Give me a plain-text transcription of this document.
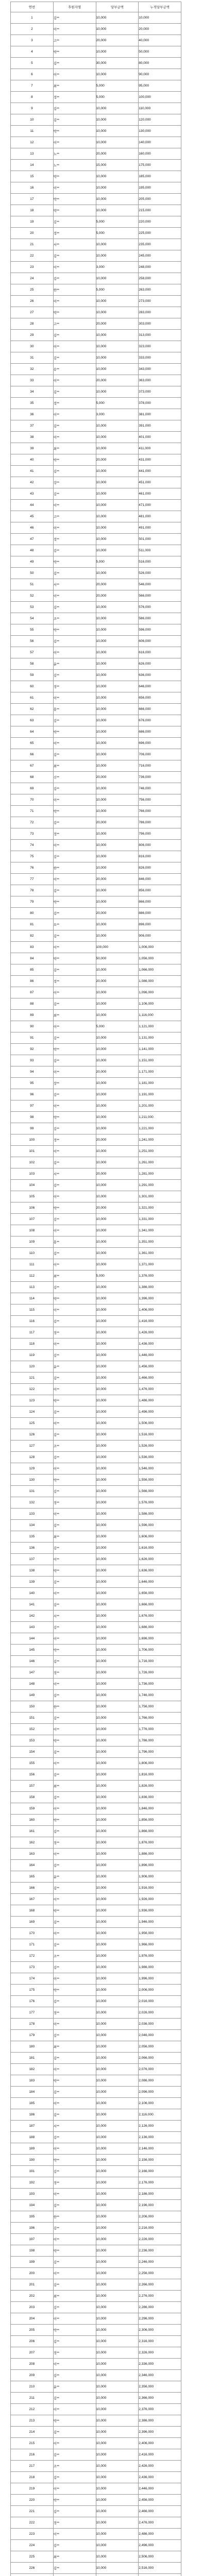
연번	후원자명	당부금액	누적당부금액
1	김**	10,000	10,000
2	이**	10,000	20,000
3	고**	20,000	40,000
4	박**	10,000	50,000
5	김**	30,000	80,000
6	이**	10,000	90,000
7	최**	5,000	95,000
8	정**	5,000	100,000
9	김**	10,000	110,000
10	김**	10,000	120,000
11	박**	10,000	130,000
12	이**	10,000	140,000
13	노**	20,000	160,000
14	노**	15,000	175,000
15	박**	10,000	185,000
16	이**	10,000	195,000
17	박**	10,000	205,000
18	박**	10,000	215,000
19	김**	5,000	220,000
20	정**	5,000	225,000
21	서**	10,000	235,000
22	김**	10,000	245,000
23	이**	3,000	248,000
24	김**	10,000	258,000
25	한**	5,000	263,000
26	이**	10,000	273,000
27	박**	10,000	283,000
28	고**	20,000	303,000
29	김**	10,000	313,000
30	이**	10,000	323,000
31	김**	10,000	333,000
32	송**	10,000	343,000
33	이**	20,000	363,000
34	김**	10,000	373,000
35	정**	5,000	378,000
36	이**	3,000	381,000
37	김**	10,000	391,000
38	이**	10,000	401,000
39	최**	10,000	411,000
40	박**	20,000	431,000
41	김**	10,000	441,000
42	강**	10,000	451,000
43	김**	10,000	461,000
44	이**	10,000	471,000
45	고**	10,000	481,000
46	이**	10,000	491,000
47	정**	10,000	501,000
48	김**	10,000	511,000
49	박**	5,000	516,000
50	김**	10,000	526,000
51	서**	20,000	546,000
52	이**	20,000	566,000
53	김**	10,000	576,000
54	조**	10,000	586,000
55	박**	10,000	596,000
56	김**	10,000	606,000
57	이**	10,000	616,000
58	윤**	10,000	626,000
59	김**	10,000	636,000
60	정**	10,000	646,000
61	이**	10,000	656,000
62	홍**	10,000	666,000
63	김**	10,000	676,000
64	박**	10,000	686,000
65	이**	10,000	696,000
66	김**	10,000	706,000
67	최**	10,000	716,000
68	신**	20,000	736,000
69	김**	10,000	746,000
70	이**	10,000	756,000
71	박**	10,000	766,000
72	김**	20,000	786,000
73	정**	10,000	796,000
74	이**	10,000	806,000
75	김**	10,000	816,000
76	한**	10,000	826,000
77	이**	20,000	846,000
78	김**	10,000	856,000
79	박**	10,000	866,000
80	김**	20,000	886,000
81	오**	10,000	896,000
82	김**	10,000	906,000
83	이**	100,000	1,006,000
84	박**	50,000	1,056,000
85	김**	10,000	1,066,000
86	정**	20,000	1,086,000
87	이**	10,000	1,096,000
88	김**	10,000	1,106,000
89	최**	10,000	1,116,000
90	이**	5,000	1,121,000
91	김**	10,000	1,131,000
92	박**	10,000	1,141,000
93	김**	10,000	1,151,000
94	이**	20,000	1,171,000
95	장**	10,000	1,181,000
96	김**	10,000	1,191,000
97	이**	10,000	1,201,000
98	박**	10,000	1,211,000
99	김**	10,000	1,221,000
100	정**	20,000	1,241,000
101	이**	10,000	1,251,000
102	김**	10,000	1,261,000
103	서**	20,000	1,281,000
104	김**	10,000	1,291,000
105	이**	10,000	1,301,000
106	박**	20,000	1,321,000
107	김**	10,000	1,331,000
108	이**	10,000	1,341,000
109	홍**	10,000	1,351,000
110	김**	10,000	1,361,000
111	이**	10,000	1,371,000
112	최**	5,000	1,376,000
113	김**	10,000	1,386,000
114	박**	10,000	1,396,000
115	이**	10,000	1,406,000
116	김**	10,000	1,416,000
117	정**	10,000	1,426,000
118	이**	10,000	1,436,000
119	김**	10,000	1,446,000
120	윤**	10,000	1,456,000
121	김**	10,000	1,466,000
122	이**	10,000	1,476,000
123	박**	10,000	1,486,000
124	김**	10,000	1,496,000
125	이**	10,000	1,506,000
126	김**	10,000	1,516,000
127	조**	10,000	1,526,000
128	김**	10,000	1,536,000
129	이**	10,000	1,546,000
130	박**	10,000	1,556,000
131	김**	10,000	1,566,000
132	정**	10,000	1,576,000
133	이**	10,000	1,586,000
134	김**	10,000	1,596,000
135	최**	10,000	1,606,000
136	김**	10,000	1,616,000
137	이**	10,000	1,626,000
138	박**	10,000	1,636,000
139	김**	10,000	1,646,000
140	이**	10,000	1,656,000
141	김**	10,000	1,666,000
142	서**	10,000	1,676,000
143	김**	10,000	1,686,000
144	이**	10,000	1,696,000
145	박**	10,000	1,706,000
146	김**	10,000	1,716,000
147	정**	10,000	1,726,000
148	이**	10,000	1,736,000
149	김**	10,000	1,746,000
150	한**	10,000	1,756,000
151	김**	10,000	1,766,000
152	이**	10,000	1,776,000
153	박**	10,000	1,786,000
154	김**	10,000	1,796,000
155	이**	10,000	1,806,000
156	김**	10,000	1,816,000
157	최**	10,000	1,826,000
158	김**	10,000	1,836,000
159	이**	10,000	1,846,000
160	박**	10,000	1,856,000
161	김**	10,000	1,866,000
162	정**	10,000	1,876,000
163	이**	10,000	1,886,000
164	김**	10,000	1,896,000
165	윤**	10,000	1,906,000
166	김**	10,000	1,916,000
167	이**	10,000	1,926,000
168	박**	10,000	1,936,000
169	김**	10,000	1,946,000
170	이**	10,000	1,956,000
171	김**	10,000	1,966,000
172	조**	10,000	1,976,000
173	김**	10,000	1,986,000
174	이**	10,000	1,996,000
175	박**	10,000	2,006,000
176	김**	10,000	2,016,000
177	정**	10,000	2,026,000
178	이**	10,000	2,036,000
179	김**	10,000	2,046,000
180	최**	10,000	2,056,000
181	김**	10,000	2,066,000
182	이**	10,000	2,076,000
183	박**	10,000	2,086,000
184	김**	10,000	2,096,000
185	이**	10,000	2,106,000
186	김**	10,000	2,116,000
187	서**	10,000	2,126,000
188	김**	10,000	2,136,000
189	이**	10,000	2,146,000
190	박**	10,000	2,156,000
191	김**	10,000	2,166,000
192	정**	10,000	2,176,000
193	이**	10,000	2,186,000
194	김**	10,000	2,196,000
195	한**	10,000	2,206,000
196	김**	10,000	2,216,000
197	이**	10,000	2,226,000
198	박**	10,000	2,236,000
199	김**	10,000	2,246,000
200	이**	10,000	2,256,000
201	김**	10,000	2,266,000
202	최**	10,000	2,276,000
203	김**	10,000	2,286,000
204	이**	10,000	2,296,000
205	박**	10,000	2,306,000
206	김**	10,000	2,316,000
207	정**	10,000	2,326,000
208	이**	10,000	2,336,000
209	김**	10,000	2,346,000
210	윤**	10,000	2,356,000
211	김**	10,000	2,366,000
212	이**	10,000	2,376,000
213	박**	10,000	2,386,000
214	김**	10,000	2,396,000
215	이**	10,000	2,406,000
216	김**	10,000	2,416,000
217	조**	10,000	2,426,000
218	김**	10,000	2,436,000
219	이**	10,000	2,446,000
220	박**	10,000	2,456,000
221	김**	10,000	2,466,000
222	정**	10,000	2,476,000
223	이**	10,000	2,486,000
224	김**	10,000	2,496,000
225	최**	10,000	2,506,000
226	김**	10,000	2,516,000
